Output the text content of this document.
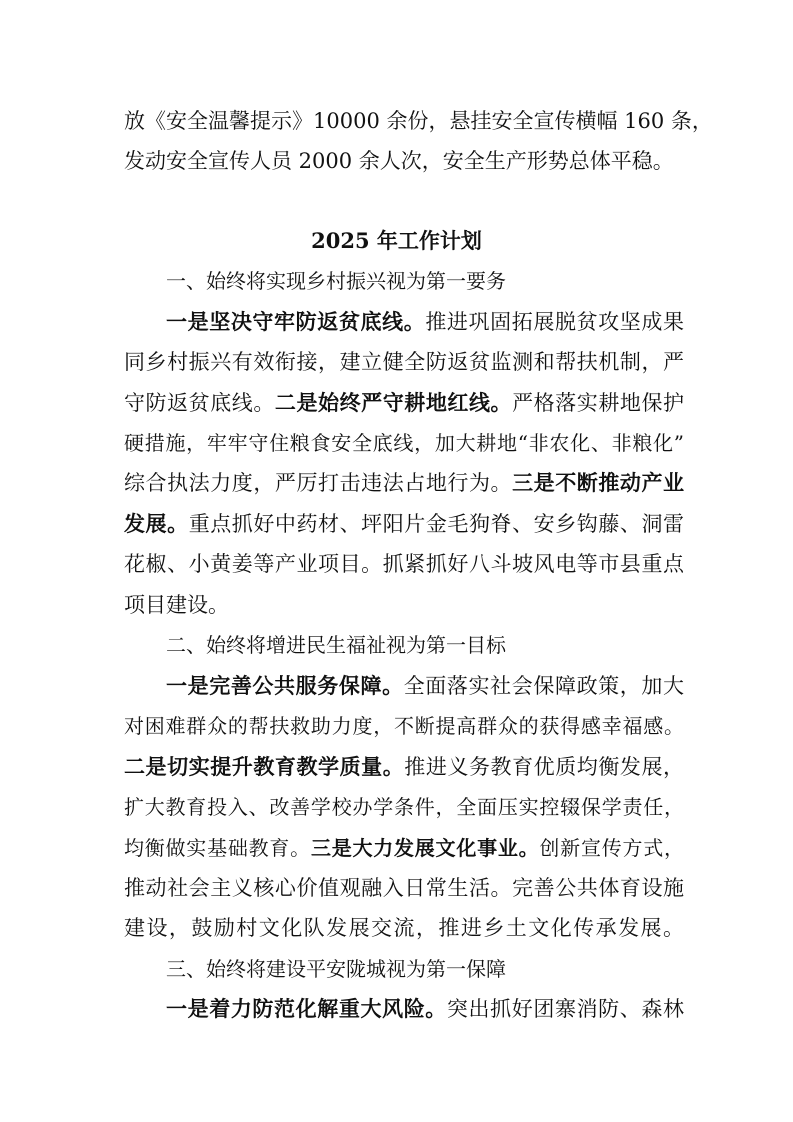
放《安全温馨提示》10000 余份，悬挂安全宣传横幅 160 条，
发动安全宣传人员 2000 余人次，安全生产形势总体平稳。
2025 年工作计划
一、始终将实现乡村振兴视为第一要务
一是坚决守牢防返贫底线。推进巩固拓展脱贫攻坚成果
同乡村振兴有效衔接，建立健全防返贫监测和帮扶机制，严
守防返贫底线。二是始终严守耕地红线。严格落实耕地保护
硬措施，牢牢守住粮食安全底线，加大耕地“非农化、非粮化”
综合执法力度，严厉打击违法占地行为。三是不断推动产业
发展。重点抓好中药材、坪阳片金毛狗脊、安乡钩藤、洞雷
花椒、小黄姜等产业项目。抓紧抓好八斗坡风电等市县重点
项目建设。
二、始终将增进民生福祉视为第一目标
一是完善公共服务保障。全面落实社会保障政策，加大
对困难群众的帮扶救助力度，不断提高群众的获得感幸福感。
二是切实提升教育教学质量。推进义务教育优质均衡发展，
扩大教育投入、改善学校办学条件，全面压实控辍保学责任，
均衡做实基础教育。三是大力发展文化事业。创新宣传方式，
推动社会主义核心价值观融入日常生活。完善公共体育设施
建设，鼓励村文化队发展交流，推进乡土文化传承发展。
三、始终将建设平安陇城视为第一保障
一是着力防范化解重大风险。突出抓好团寨消防、森林
